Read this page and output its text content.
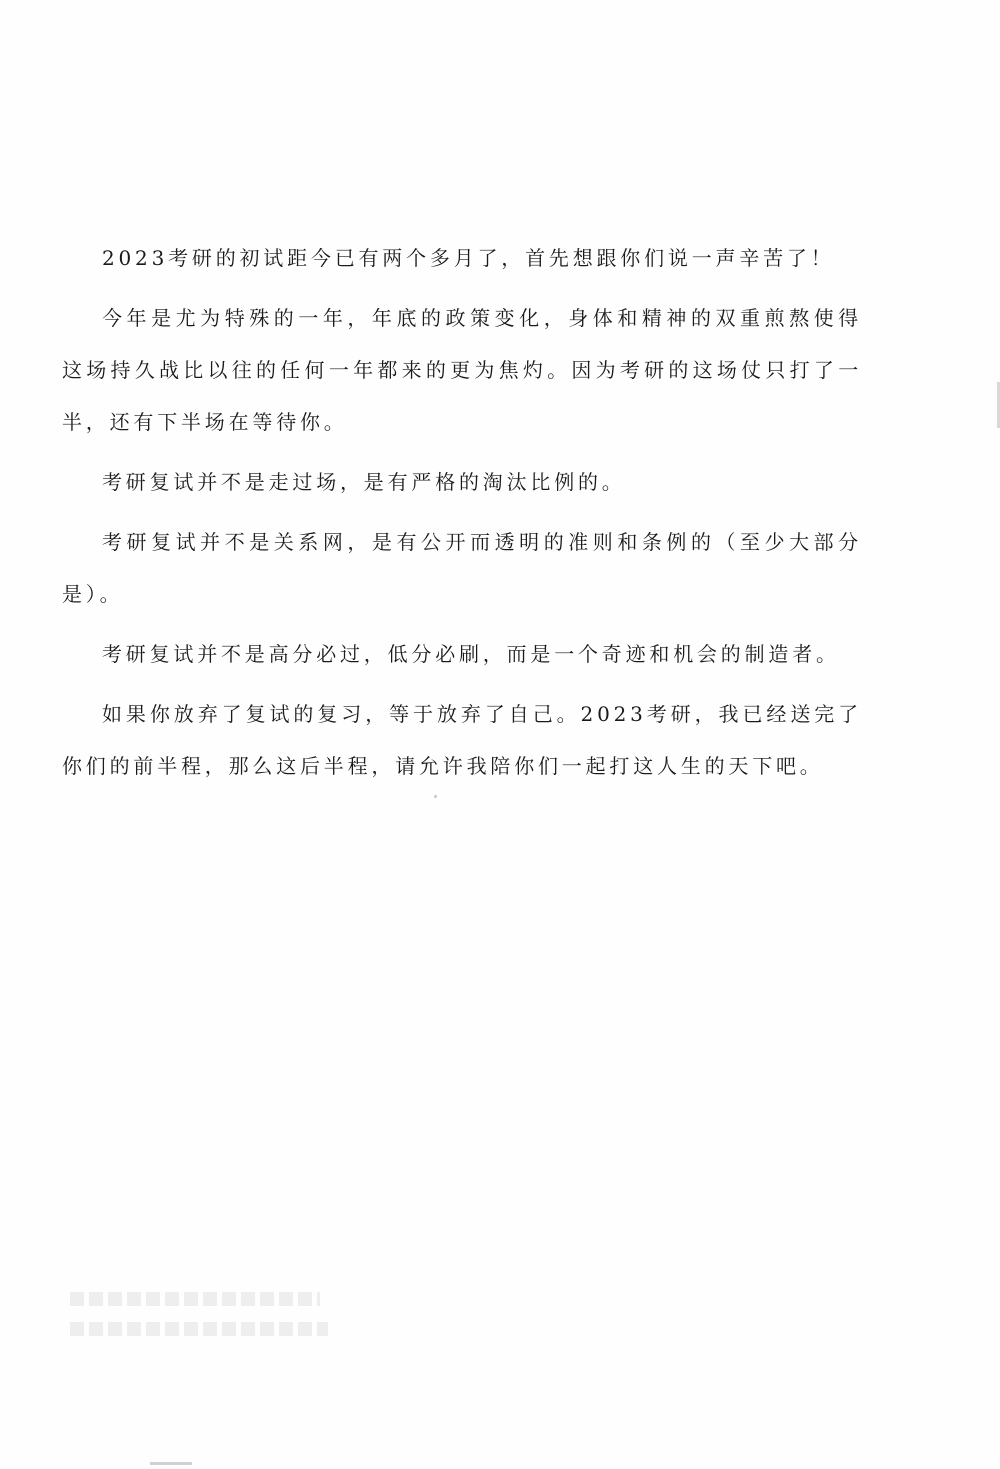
2023考研的初试距今已有两个多月了，首先想跟你们说一声辛苦了！

今年是尤为特殊的一年，年底的政策变化，身体和精神的双重煎熬使得这场持久战比以往的任何一年都来的更为焦灼。因为考研的这场仗只打了一半，还有下半场在等待你。

考研复试并不是走过场，是有严格的淘汰比例的。

考研复试并不是关系网，是有公开而透明的准则和条例的（至少大部分是）。

考研复试并不是高分必过，低分必刷，而是一个奇迹和机会的制造者。

如果你放弃了复试的复习，等于放弃了自己。2023考研，我已经送完了你们的前半程，那么这后半程，请允许我陪你们一起打这人生的天下吧。
